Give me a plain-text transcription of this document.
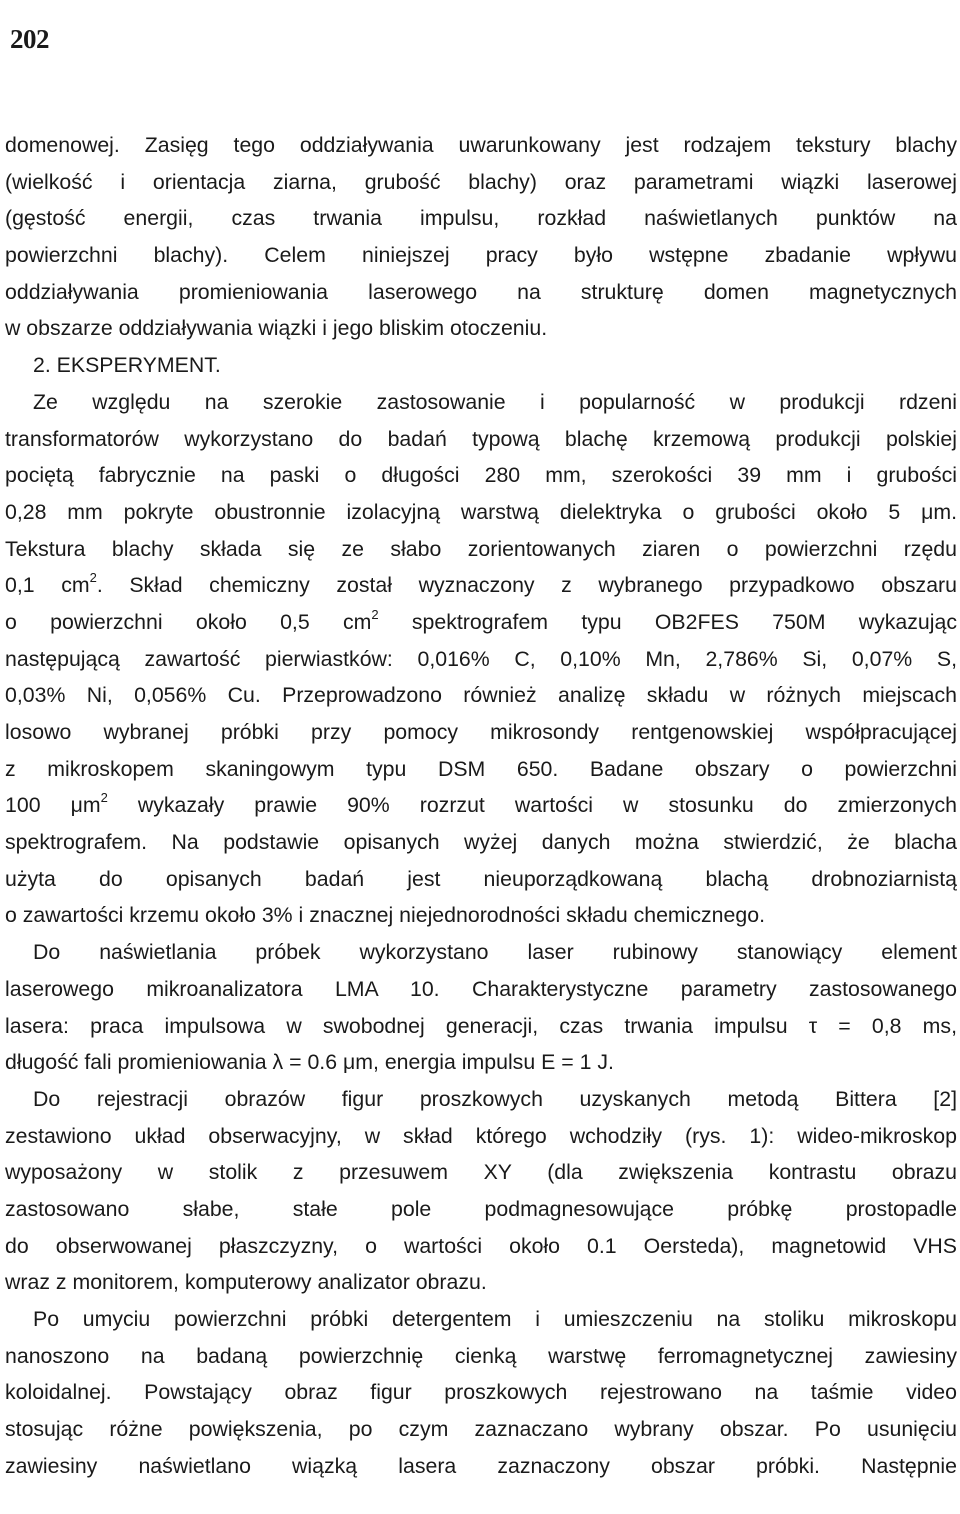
202
domenowej. Zasięg tego oddziaływania uwarunkowany jest rodzajem tekstury blachy
(wielkość i orientacja ziarna, grubość blachy) oraz parametrami wiązki laserowej
(gęstość energii, czas trwania impulsu, rozkład naświetlanych punktów na
powierzchni blachy). Celem niniejszej pracy było wstępne zbadanie wpływu
oddziaływania promieniowania laserowego na strukturę domen magnetycznych
w obszarze oddziaływania wiązki i jego bliskim otoczeniu.
2. EKSPERYMENT.
Ze względu na szerokie zastosowanie i popularność w produkcji rdzeni
transformatorów wykorzystano do badań typową blachę krzemową produkcji polskiej
pociętą fabrycznie na paski o długości 280 mm, szerokości 39 mm i grubości
0,28 mm pokryte obustronnie izolacyjną warstwą dielektryka o grubości około 5 μm.
Tekstura blachy składa się ze słabo zorientowanych ziaren o powierzchni rzędu
0,1 $cm^2$. Skład chemiczny został wyznaczony z wybranego przypadkowo obszaru
o powierzchni około 0,5 $cm^2$ spektrografem typu OB2FES 750M wykazując
następującą zawartość pierwiastków: 0,016% C, 0,10% Mn, 2,786% Si, 0,07% S,
0,03% Ni, 0,056% Cu. Przeprowadzono również analizę składu w różnych miejscach
losowo wybranej próbki przy pomocy mikrosondy rentgenowskiej współpracującej
z mikroskopem skaningowym typu DSM 650. Badane obszary o powierzchni
100 $\mu m^2$ wykazały prawie 90% rozrzut wartości w stosunku do zmierzonych
spektrografem. Na podstawie opisanych wyżej danych można stwierdzić, że blacha
użyta do opisanych badań jest nieuporządkowaną blachą drobnoziarnistą
o zawartości krzemu około 3% i znacznej niejednorodności składu chemicznego.
Do naświetlania próbek wykorzystano laser rubinowy stanowiący element
laserowego mikroanalizatora LMA 10. Charakterystyczne parametry zastosowanego
lasera: praca impulsowa w swobodnej generacji, czas trwania impulsu τ = 0,8 ms,
długość fali promieniowania λ = 0.6 μm, energia impulsu E = 1 J.
Do rejestracji obrazów figur proszkowych uzyskanych metodą Bittera [2]
zestawiono układ obserwacyjny, w skład którego wchodziły (rys. 1): wideo-mikroskop
wyposażony w stolik z przesuwem XY (dla zwiększenia kontrastu obrazu
zastosowano słabe, stałe pole podmagnesowujące próbkę prostopadle
do obserwowanej płaszczyzny, o wartości około 0.1 Oersteda), magnetowid VHS
wraz z monitorem, komputerowy analizator obrazu.
Po umyciu powierzchni próbki detergentem i umieszczeniu na stoliku mikroskopu
nanoszono na badaną powierzchnię cienką warstwę ferromagnetycznej zawiesiny
koloidalnej. Powstający obraz figur proszkowych rejestrowano na taśmie video
stosując różne powiększenia, po czym zaznaczano wybrany obszar. Po usunięciu
zawiesiny naświetlano wiązką lasera zaznaczony obszar próbki. Następnie
